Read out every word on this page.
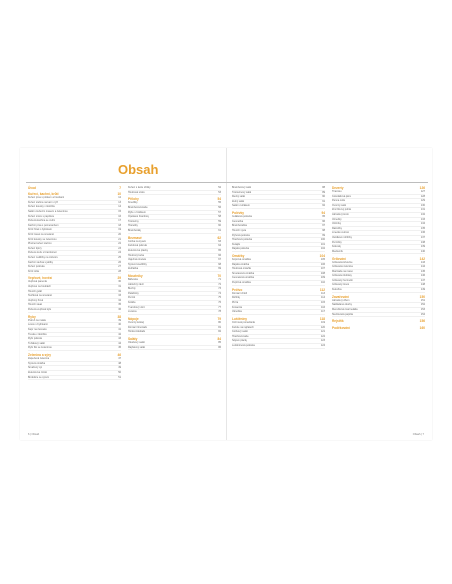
Obsah
Úvod	7
Kuřecí, kachní, krůtí	10
Kuřecí prsa s pórkem a houbami	12
Kuřecí stehna na kari s rýží	13
Kuřecí kousky v těstíčku	14
Salát s kuřecím masem a zeleninou	15
Kuřecí směs s paprikou	16
Pečená kachna se zelím	17
Kachní prsa s pomerančem	18
Krůtí řízek s bylinkami	19
Krůtí maso na smetaně	20
Krůtí kousky se zeleninou	21
Plněné kuřecí stehno	22
Kuřecí špízy	23
Pečené kuře s bramborem	24
Kuřecí nudličky na zázvoru	25
Kachní stehna s jablky	26
Kuřecí polévka	27
Krůtí rolka	28
Vepřové, hovězí	29
Vepřová panenka	30
Vepřové na houbách	31
Hovězí guláš	32
Svíčková na smetaně	33
Vepřový řízek	34
Hovězí steak	35
Pečená vepřová kýta	36
Ryby	38
Pstruh na másle	39
Losos s bylinkami	40
Kapr na česneku	41
Treska v těstíčku	42
Rybí polévka	43
Tuňákový salát	44
Rybí filé se zeleninou	45
Zelenina a sýry	46
Zapečená zelenina	47
Sýrová omáčka	48
Smažený sýr	49
Zeleninové rizoto	50
Brokolice se sýrem	51
Kuřecí s kešu oříšky	52
Houbová směs	53
Přílohy	54
Knedlíky	55
Bramborová kaše	56
Rýže s hráškem	57
Opékané brambory	58
Těstoviny	59
Hranolky	60
Bramboráky	61
Bezmasé	62
Čočka na kyselo	63
Fazolová polévka	64
Zeleninové placky	65
Houbový kuba	66
Vaječná omeleta	67
Sýrové knedlíčky	68
Zelňačka	69
Moučníky	70
Bábovka	71
Jablečný závin	72
Buchty	73
Palačinky	74
Perník	75
Koláče	76
Tvarohový dort	77
Lívance	78
Nápoje	79
Ovocný koktejl	80
Domácí limonáda	81
Horká čokoláda	82
Saláty	84
Okurkový salát	85
Rajčatový salát	86
Bramborový salát	88
Těstovinový salát	89
Řecký salát	90
Zelný salát	91
Salát s tuňákem	92
Polévky	94
Gulášová polévka	95
Česnečka	96
Bramboračka	97
Hovězí vývar	98
Dýňová polévka	99
Hrachová polévka	100
Kulajda	101
Rajská polévka	102
Omáčky	104
Koprová omáčka	105
Rajská omáčka	106
Houbová omáčka	107
Smetanová omáčka	108
Česneková omáčka	109
Pepřová omáčka	110
Pečivo	112
Domácí chléb	113
Rohlíky	114
Pizza	115
Focaccia	116
Vánočka	117
Luštěniny	118
Cizrnová pomazánka	119
Fazole na rajčatech	120
Čočkový salát	121
Hrachová kaše	122
Sójové placky	123
Luštěninová polévka	124
Dezerty	126
Tiramisu	127
Čokoládová pěna	128
Panna cotta	129
Ovocný salát	130
Zmrzlinový pohár	131
Jahodový krém	132
Věnečky	133
Větrníky	134
Rakvičky	135
Linecké cukroví	136
Vanilkové rohlíčky	137
Perníčky	138
Kokosky	139
Medovník	140
Grilování	142
Grilovaná krkovice	143
Grilovaná zelenina	144
Marináda na maso	145
Grilované klobásy	146
Grilovaný hermelín	147
Grilovaný losos	148
Kukuřice	149
Zavařování	150
Jahodový džem	151
Nakládané okurky	152
Meruňková marmeláda	153
Sterilovaná paprika	154
Rejstřík	156
Poděkování	160
6 | Obsah	Obsah | 7
